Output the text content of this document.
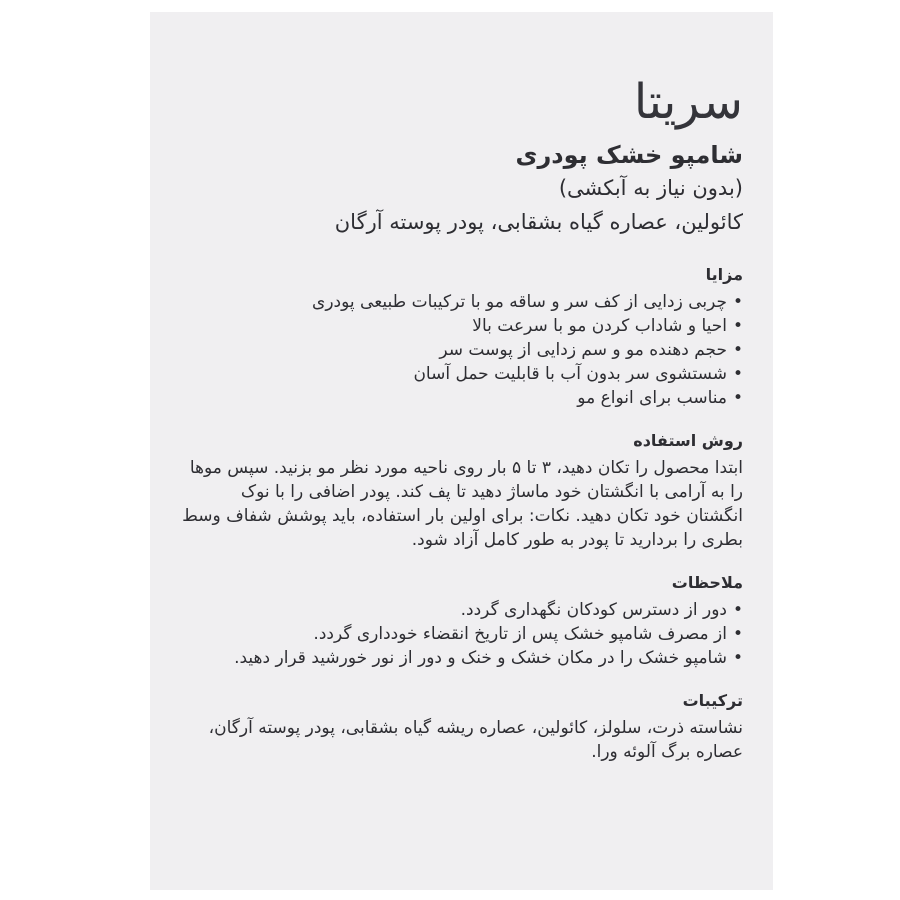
سریتا
شامپو خشک پودری
(بدون نیاز به آبکشی)
کائولین، عصاره گیاه بشقابی، پودر پوسته آرگان
مزایا
• چربی زدایی از کف سر و ساقه مو با ترکیبات طبیعی پودری
• احیا و شاداب کردن مو با سرعت بالا
• حجم دهنده مو و سم زدایی از پوست سر
• شستشوی سر بدون آب با قابلیت حمل آسان
• مناسب برای انواع مو
روش استفاده

ابتدا محصول را تکان دهید، ۳ تا ۵ بار روی ناحیه مورد نظر مو بزنید. سپس موها را به آرامی با انگشتان خود ماساژ دهید تا پف کند. پودر اضافی را با نوک انگشتان خود تکان دهید. نکات: برای اولین بار استفاده، باید پوشش شفاف وسط بطری را بردارید تا پودر به طور کامل آزاد شود.

ملاحظات
• دور از دسترس کودکان نگهداری گردد.
• از مصرف شامپو خشک پس از تاریخ انقضاء خودداری گردد.
• شامپو خشک را در مکان خشک و خنک و دور از نور خورشید قرار دهید.
ترکیبات

نشاسته ذرت، سلولز، کائولین، عصاره ریشه گیاه بشقابی، پودر پوسته آرگان، عصاره برگ آلوئه ورا.
